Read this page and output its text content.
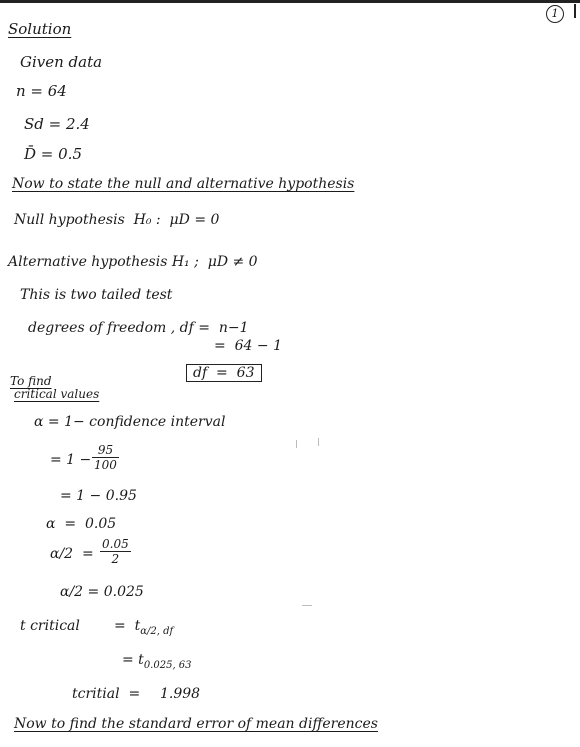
1
Solution
Given data
n = 64
Sd = 2.4
D̄ = 0.5
Now to state the null and alternative hypothesis
Null hypothesis  H₀ :  μD = 0
Alternative hypothesis H₁ ;  μD ≠ 0
This is two tailed test
degrees of freedom , df =  n−1
=  64 − 1
df  =  63
To find
critical values
α = 1− confidence interval
= $1 - \frac{95}{100}$
= 1 − 0.95
α  =  0.05
$\alpha/2 = \frac{0.05}{2}$
α/2 = 0.025
t critical =  $t_{\alpha/2, df}$
= $t_{0.025, 63}$
tcritial  = 1.998
Now to find the standard error of mean differences
